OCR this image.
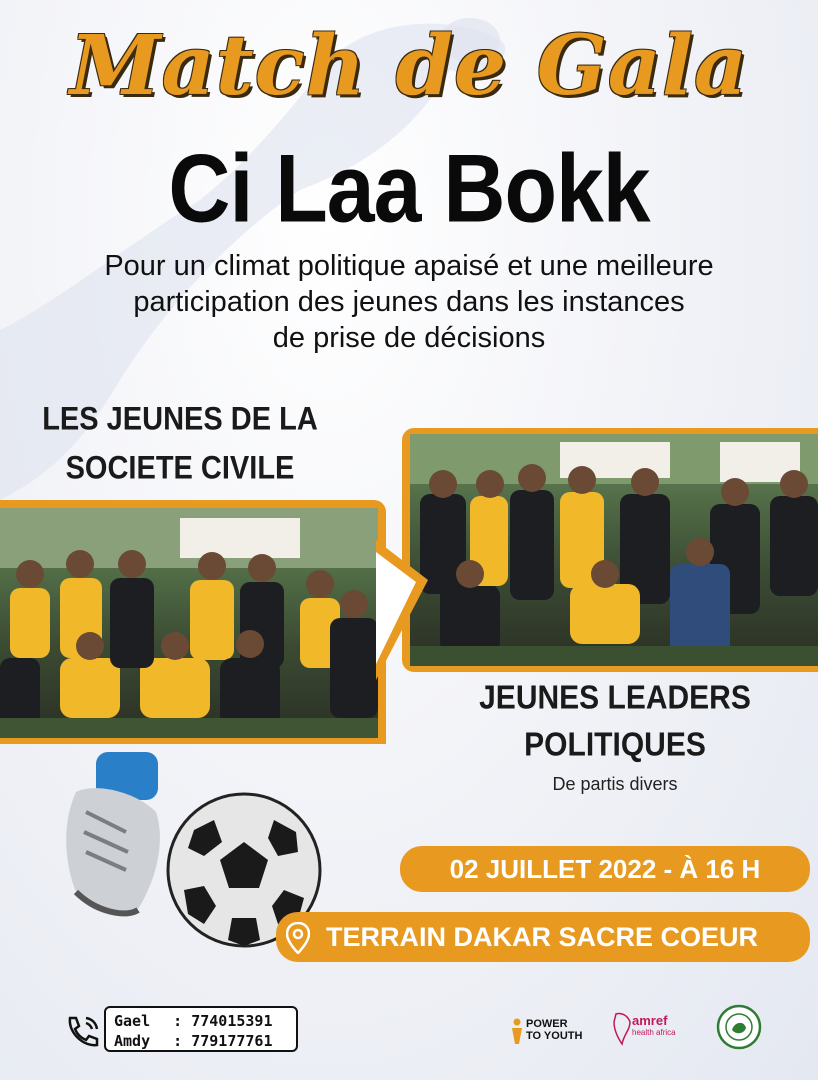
Match de Gala
Ci Laa Bokk
Pour un climat politique apaisé et une meilleure
participation des jeunes dans les instances
de prise de décisions
LES JEUNES DE LA
SOCIETE CIVILE
JEUNES LEADERS
POLITIQUES
De partis divers
02 JUILLET 2022 - À 16 H
TERRAIN DAKAR SACRE COEUR
Gael : 774015391
Amdy : 779177761
POWER
TO YOUTH
amref
health africa
